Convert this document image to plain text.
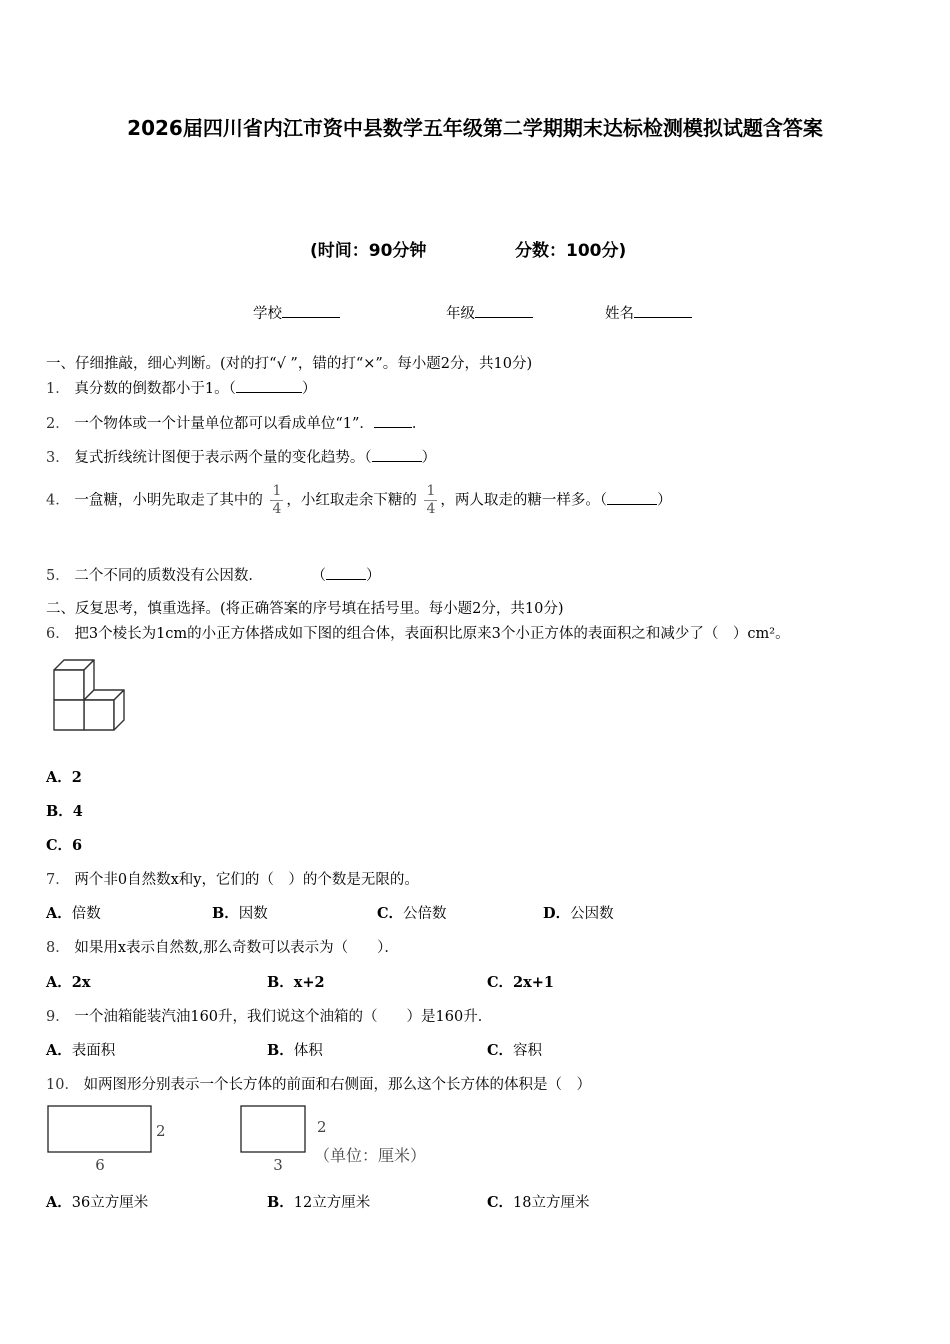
2026届四川省内江市资中县数学五年级第二学期期末达标检测模拟试题含答案
(时间：90分钟	分数：100分)
学校	年级	姓名
一、仔细推敲，细心判断。(对的打“√ ”，错的打“×”。每小题2分，共10分)
1． 真分数的倒数都小于1。（	）
2． 一个物体或一个计量单位都可以看成单位“1”．	．
3． 复式折线统计图便于表示两个量的变化趋势。（	）
4． 一盒糖，小明先取走了其中的 $\frac{1}{4}$ ，小红取走余下糖的 $\frac{1}{4}$ ，两人取走的糖一样多。（	）
5． 二个不同的质数没有公因数．	（	）
二、反复思考，慎重选择。(将正确答案的序号填在括号里。每小题2分，共10分)
6． 把3个棱长为1cm的小正方体搭成如下图的组合体，表面积比原来3个小正方体的表面积之和减少了（　）cm²。
A．2
B．4
C．6
7． 两个非0自然数x和y，它们的（　）的个数是无限的。
A．倍数	B．因数	C．公倍数	D．公因数
8． 如果用x表示自然数,那么奇数可以表示为（　　）．
A．2x	B．x+2	C．2x+1
9． 一个油箱能装汽油160升，我们说这个油箱的（　　）是160升．
A．表面积	B．体积	C．容积
10． 如两图形分别表示一个长方体的前面和右侧面，那么这个长方体的体积是（　）
2
6
2
3 （单位：厘米）
A．36立方厘米	B．12立方厘米	C．18立方厘米
